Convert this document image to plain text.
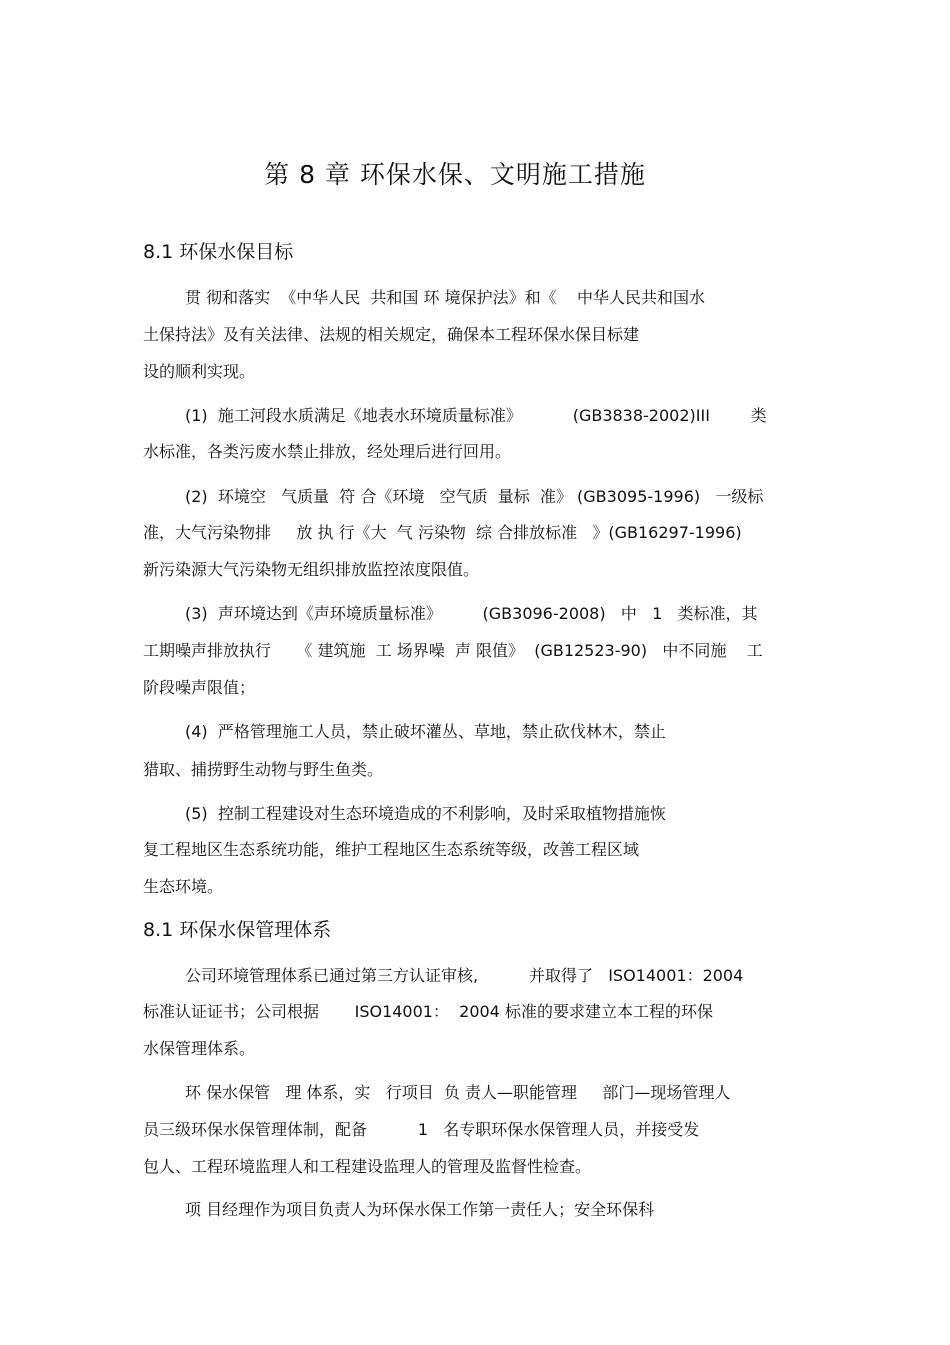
第 8 章 环保水保、文明施工措施
8.1 环保水保目标
贯 彻和落实  《中华人民  共和国 环 境保护法》和《    中华人民共和国水
土保持法》及有关法律、法规的相关规定，确保本工程环保水保目标建
设的顺利实现。
(1)  施工河段水质满足《地表水环境质量标准》          (GB3838-2002)III        类
水标准，各类污废水禁止排放，经处理后进行回用。
(2)  环境空   气质量  符 合《环境   空气质  量标  准》 (GB3095-1996)   一级标
准，大气污染物排     放 执 行《大  气 污染物  综 合排放标准   》(GB16297-1996)
新污染源大气污染物无组织排放监控浓度限值。
(3)  声环境达到《声环境质量标准》        (GB3096-2008)   中   1   类标准，其
工期噪声排放执行     《 建筑施  工 场界噪  声 限值》  (GB12523-90)   中不同施    工
阶段噪声限值；
(4)  严格管理施工人员，禁止破坏灌丛、草地，禁止砍伐林木，禁止
猎取、捕捞野生动物与野生鱼类。
(5)  控制工程建设对生态环境造成的不利影响，及时采取植物措施恢
复工程地区生态系统功能，维护工程地区生态系统等级，改善工程区域
生态环境。
8.1 环保水保管理体系
公司环境管理体系已通过第三方认证审核,          并取得了   ISO14001：2004
标准认证证书；公司根据       ISO14001：  2004 标准的要求建立本工程的环保
水保管理体系。
环 保水保管   理 体系，实   行项目  负 责人—职能管理     部门—现场管理人
员三级环保水保管理体制，配备          1   名专职环保水保管理人员，并接受发
包人、工程环境监理人和工程建设监理人的管理及监督性检查。
项 目经理作为项目负责人为环保水保工作第一责任人；安全环保科
